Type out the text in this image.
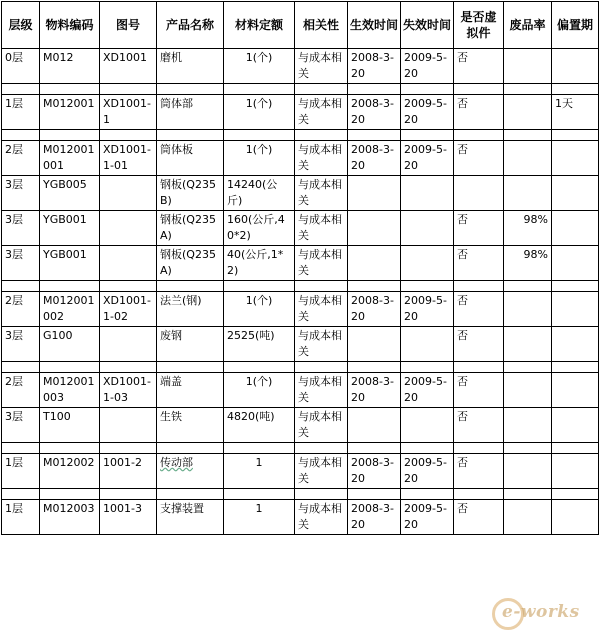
层级	物料编码	图号	产品名称	材料定额	相关性	生效时间	失效时间	是否虚拟件	废品率	偏置期
0层	M012	XD1001	磨机	1(个)	与成本相关	2008-3-20	2009-5-20	否		

1层	M012001	XD1001-1	筒体部	1(个)	与成本相关	2008-3-20	2009-5-20	否		1天

2层	M012001001	XD1001-1-01	筒体板	1(个)	与成本相关	2008-3-20	2009-5-20	否		
3层	YGB005		钢板(Q235B)	14240(公斤)	与成本相关					
3层	YGB001		钢板(Q235A)	160(公斤,40*2)	与成本相关			否	98%	
3层	YGB001		钢板(Q235A)	40(公斤,1*2)	与成本相关			否	98%	

2层	M012001002	XD1001-1-02	法兰(钢)	1(个)	与成本相关	2008-3-20	2009-5-20	否		
3层	G100		废钢	2525(吨)	与成本相关			否		

2层	M012001003	XD1001-1-03	端盖	1(个)	与成本相关	2008-3-20	2009-5-20	否		
3层	T100		生铁	4820(吨)	与成本相关			否		

1层	M012002	1001-2	传动部	1	与成本相关	2008-3-20	2009-5-20	否		

1层	M012003	1001-3	支撑装置	1	与成本相关	2008-3-20	2009-5-20	否		
e-works
